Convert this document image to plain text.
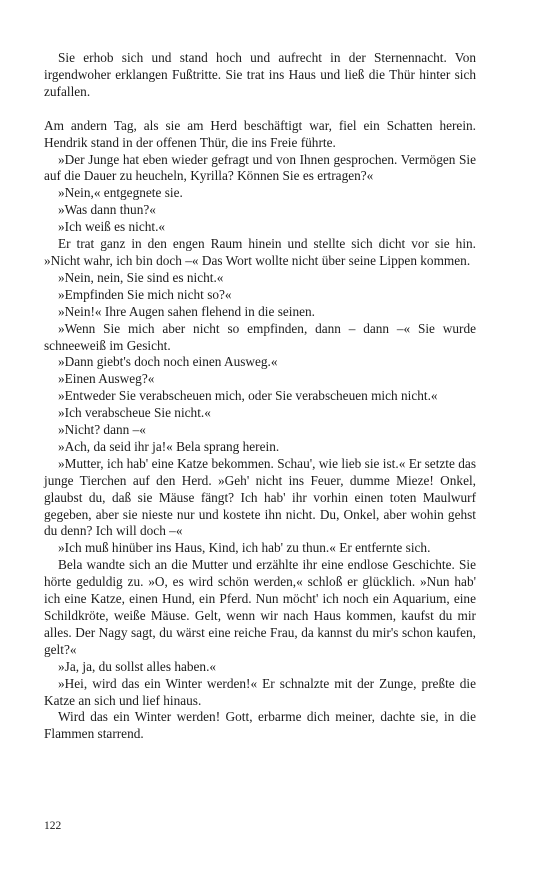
Sie erhob sich und stand hoch und aufrecht in der Sternennacht. Von irgendwoher erklangen Fußtritte. Sie trat ins Haus und ließ die Thür hinter sich zufallen.

Am andern Tag, als sie am Herd beschäftigt war, fiel ein Schatten herein. Hendrik stand in der offenen Thür, die ins Freie führte.

»Der Junge hat eben wieder gefragt und von Ihnen gesprochen. Vermögen Sie auf die Dauer zu heucheln, Kyrilla? Können Sie es ertragen?«

»Nein,« entgegnete sie.

»Was dann thun?«

»Ich weiß es nicht.«

Er trat ganz in den engen Raum hinein und stellte sich dicht vor sie hin. »Nicht wahr, ich bin doch –« Das Wort wollte nicht über seine Lippen kommen.

»Nein, nein, Sie sind es nicht.«

»Empfinden Sie mich nicht so?«

»Nein!« Ihre Augen sahen flehend in die seinen.

»Wenn Sie mich aber nicht so empfinden, dann – dann –« Sie wurde schneeweiß im Gesicht.

»Dann giebt's doch noch einen Ausweg.«

»Einen Ausweg?«

»Entweder Sie verabscheuen mich, oder Sie verabscheuen mich nicht.«

»Ich verabscheue Sie nicht.«

»Nicht? dann –«

»Ach, da seid ihr ja!« Bela sprang herein.

»Mutter, ich hab' eine Katze bekommen. Schau', wie lieb sie ist.« Er setzte das junge Tierchen auf den Herd. »Geh' nicht ins Feuer, dumme Mieze! Onkel, glaubst du, daß sie Mäuse fängt? Ich hab' ihr vorhin einen toten Maulwurf gegeben, aber sie nieste nur und kostete ihn nicht. Du, Onkel, aber wohin gehst du denn? Ich will doch –«

»Ich muß hinüber ins Haus, Kind, ich hab' zu thun.« Er entfernte sich.

Bela wandte sich an die Mutter und erzählte ihr eine endlose Geschichte. Sie hörte geduldig zu. »O, es wird schön werden,« schloß er glücklich. »Nun hab' ich eine Katze, einen Hund, ein Pferd. Nun möcht' ich noch ein Aquarium, eine Schildkröte, weiße Mäuse. Gelt, wenn wir nach Haus kommen, kaufst du mir alles. Der Nagy sagt, du wärst eine reiche Frau, da kannst du mir's schon kaufen, gelt?«

»Ja, ja, du sollst alles haben.«

»Hei, wird das ein Winter werden!« Er schnalzte mit der Zunge, preßte die Katze an sich und lief hinaus.

Wird das ein Winter werden! Gott, erbarme dich meiner, dachte sie, in die Flammen starrend.

122
